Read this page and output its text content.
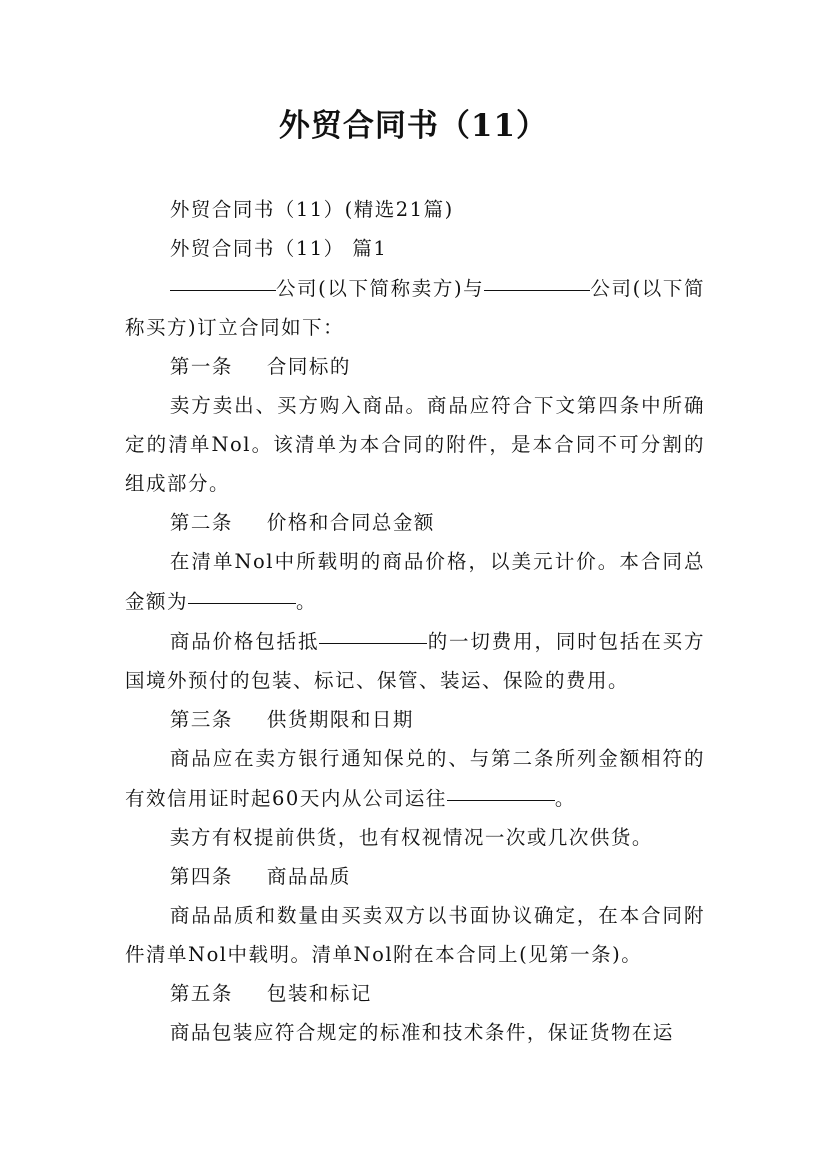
外贸合同书（11）

外贸合同书（11）(精选21篇)

外贸合同书（11） 篇1

公司(以下简称卖方)与	公司(以下简称买方)订立合同如下：

第一条 合同标的

卖方卖出、买方购入商品。商品应符合下文第四条中所确定的清单Nol。该清单为本合同的附件，是本合同不可分割的组成部分。

第二条 价格和合同总金额

在清单Nol中所载明的商品价格，以美元计价。本合同总金额为	。

商品价格包括抵	的一切费用，同时包括在买方国境外预付的包装、标记、保管、装运、保险的费用。

第三条 供货期限和日期

商品应在卖方银行通知保兑的、与第二条所列金额相符的有效信用证时起60天内从公司运往	。

卖方有权提前供货，也有权视情况一次或几次供货。

第四条 商品品质

商品品质和数量由买卖双方以书面协议确定，在本合同附件清单Nol中载明。清单Nol附在本合同上(见第一条)。

第五条 包装和标记

商品包装应符合规定的标准和技术条件，保证货物在运
